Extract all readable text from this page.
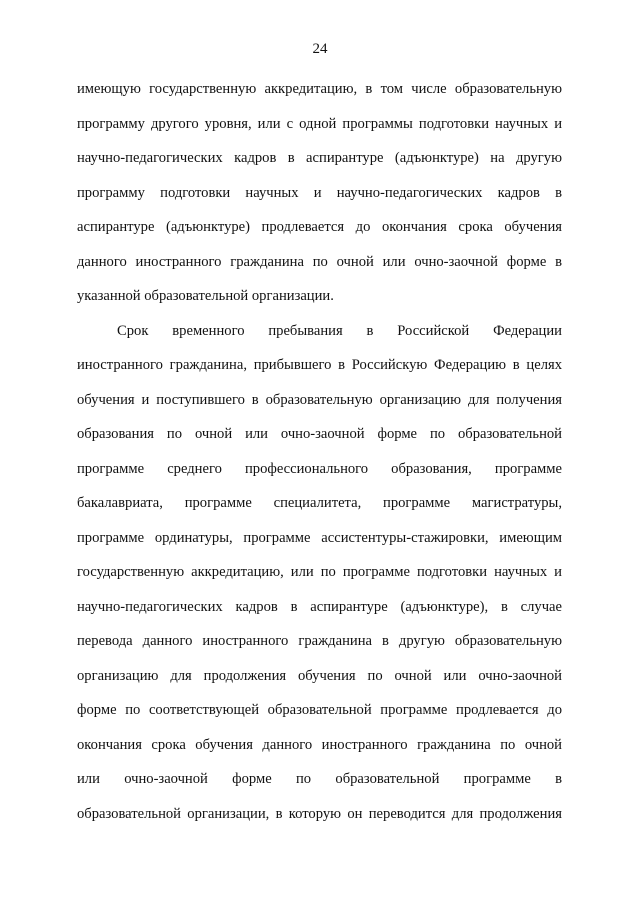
24
имеющую государственную аккредитацию, в том числе образовательную
программу другого уровня, или с одной программы подготовки научных и
научно-педагогических кадров в аспирантуре (адъюнктуре) на другую
программу подготовки научных и научно-педагогических кадров в
аспирантуре (адъюнктуре) продлевается до окончания срока обучения
данного иностранного гражданина по очной или очно-заочной форме в
указанной образовательной организации.
Срок временного пребывания в Российской Федерации
иностранного гражданина, прибывшего в Российскую Федерацию в целях
обучения и поступившего в образовательную организацию для получения
образования по очной или очно-заочной форме по образовательной
программе среднего профессионального образования, программе
бакалавриата, программе специалитета, программе магистратуры,
программе ординатуры, программе ассистентуры-стажировки, имеющим
государственную аккредитацию, или по программе подготовки научных и
научно-педагогических кадров в аспирантуре (адъюнктуре), в случае
перевода данного иностранного гражданина в другую образовательную
организацию для продолжения обучения по очной или очно-заочной
форме по соответствующей образовательной программе продлевается до
окончания срока обучения данного иностранного гражданина по очной
или очно-заочной форме по образовательной программе в
образовательной организации, в которую он переводится для продолжения
